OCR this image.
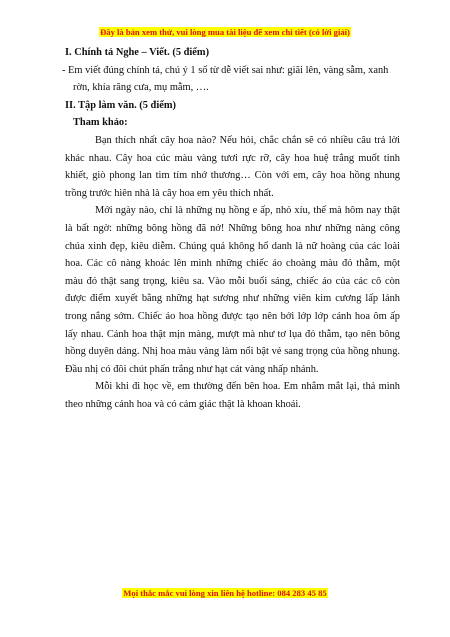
Đây là bản xem thử, vui lòng mua tài liệu để xem chi tiết (có lời giải)

I. Chính tả Nghe – Viết. (5 điểm)

- Em viết đúng chính tả, chú ý 1 số từ dễ viết sai như: giãi lên, vàng sẫm, xanh rờn, khía răng cưa, mụ mẫm, ….

II. Tập làm văn. (5 điểm)

Tham khảo:

Bạn thích nhất cây hoa nào? Nếu hỏi, chắc chắn sẽ có nhiều câu trả lời khác nhau. Cây hoa cúc màu vàng tươi rực rỡ, cây hoa huệ trắng muốt tinh khiết, giò phong lan tim tím nhớ thương… Còn với em, cây hoa hồng nhung trồng trước hiên nhà là cây hoa em yêu thích nhất.

Mới ngày nào, chỉ là những nụ hồng e ấp, nhỏ xíu, thế mà hôm nay thật là bất ngờ: những bông hồng đã nở! Những bông hoa như những nàng công chúa xinh đẹp, kiêu diễm. Chúng quả không hổ danh là nữ hoàng của các loài hoa. Các cô nàng khoác lên mình những chiếc áo choàng màu đỏ thẫm, một màu đỏ thật sang trọng, kiêu sa. Vào mỗi buổi sáng, chiếc áo của các cô còn được điểm xuyết bằng những hạt sương như những viên kim cương lấp lánh trong nắng sớm. Chiếc áo hoa hồng được tạo nên bởi lớp lớp cánh hoa ôm ấp lấy nhau. Cánh hoa thật mịn màng, mượt mà như tơ lụa đỏ thẫm, tạo nên bông hồng duyên dáng. Nhị hoa màu vàng làm nổi bật vẻ sang trọng của hồng nhung. Đầu nhị có đôi chút phấn trắng như hạt cát vàng nhấp nhánh.

Mỗi khi đi học về, em thường đến bên hoa. Em nhắm mắt lại, thả mình theo những cánh hoa và có cảm giác thật là khoan khoái.

Mọi thắc mắc vui lòng xin liên hệ hotline: 084 283 45 85
